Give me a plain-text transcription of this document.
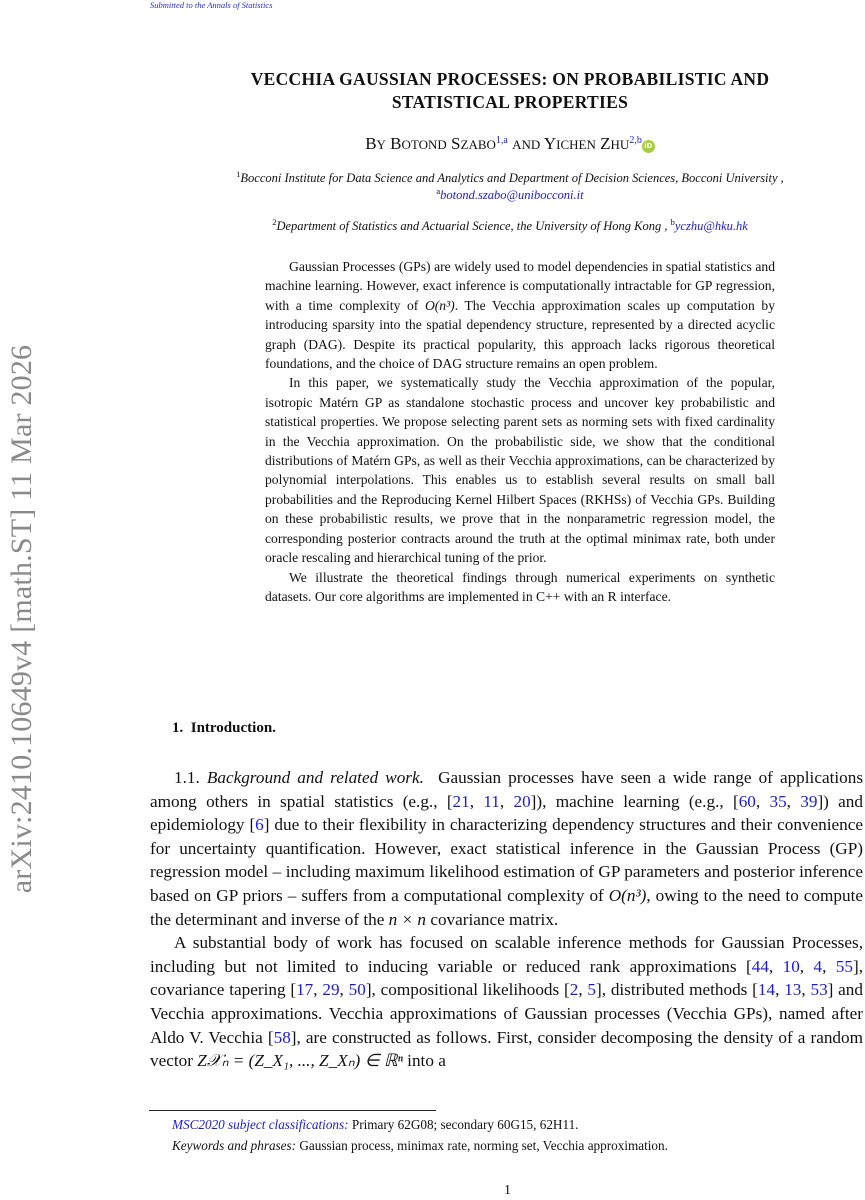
Submitted to the Annals of Statistics
arXiv:2410.10649v4 [math.ST] 11 Mar 2026
VECCHIA GAUSSIAN PROCESSES: ON PROBABILISTIC AND
STATISTICAL PROPERTIES
BY BOTOND SZABO$^{1,a}$ AND YICHEN ZHU$^{2,b}$ iD
$^1$Bocconi Institute for Data Science and Analytics and Department of Decision Sciences, Bocconi University ,
$^a$botond.szabo@unibocconi.it
$^2$Department of Statistics and Actuarial Science, the University of Hong Kong , $^b$yczhu@hku.hk

Gaussian Processes (GPs) are widely used to model dependencies in spatial statistics and machine learning. However, exact inference is computationally intractable for GP regression, with a time complexity of O(n³). The Vecchia approximation scales up computation by introducing sparsity into the spatial dependency structure, represented by a directed acyclic graph (DAG). Despite its practical popularity, this approach lacks rigorous theoretical foundations, and the choice of DAG structure remains an open problem.

In this paper, we systematically study the Vecchia approximation of the popular, isotropic Matérn GP as standalone stochastic process and uncover key probabilistic and statistical properties. We propose selecting parent sets as norming sets with fixed cardinality in the Vecchia approximation. On the probabilistic side, we show that the conditional distributions of Matérn GPs, as well as their Vecchia approximations, can be characterized by polynomial interpolations. This enables us to establish several results on small ball probabilities and the Reproducing Kernel Hilbert Spaces (RKHSs) of Vecchia GPs. Building on these probabilistic results, we prove that in the nonparametric regression model, the corresponding posterior contracts around the truth at the optimal minimax rate, both under oracle rescaling and hierarchical tuning of the prior.

We illustrate the theoretical findings through numerical experiments on synthetic datasets. Our core algorithms are implemented in C++ with an R interface.

1. Introduction.

1.1. Background and related work. Gaussian processes have seen a wide range of applications among others in spatial statistics (e.g., [21, 11, 20]), machine learning (e.g., [60, 35, 39]) and epidemiology [6] due to their flexibility in characterizing dependency structures and their convenience for uncertainty quantification. However, exact statistical inference in the Gaussian Process (GP) regression model – including maximum likelihood estimation of GP parameters and posterior inference based on GP priors – suffers from a computational complexity of O(n³), owing to the need to compute the determinant and inverse of the n × n covariance matrix.

A substantial body of work has focused on scalable inference methods for Gaussian Processes, including but not limited to inducing variable or reduced rank approximations [44, 10, 4, 55], covariance tapering [17, 29, 50], compositional likelihoods [2, 5], distributed methods [14, 13, 53] and Vecchia approximations. Vecchia approximations of Gaussian processes (Vecchia GPs), named after Aldo V. Vecchia [58], are constructed as follows. First, consider decomposing the density of a random vector Z𝒳ₙ = (Z_X₁, ..., Z_Xₙ) ∈ ℝⁿ into a

MSC2020 subject classifications: Primary 62G08; secondary 60G15, 62H11.
Keywords and phrases: Gaussian process, minimax rate, norming set, Vecchia approximation.
1
